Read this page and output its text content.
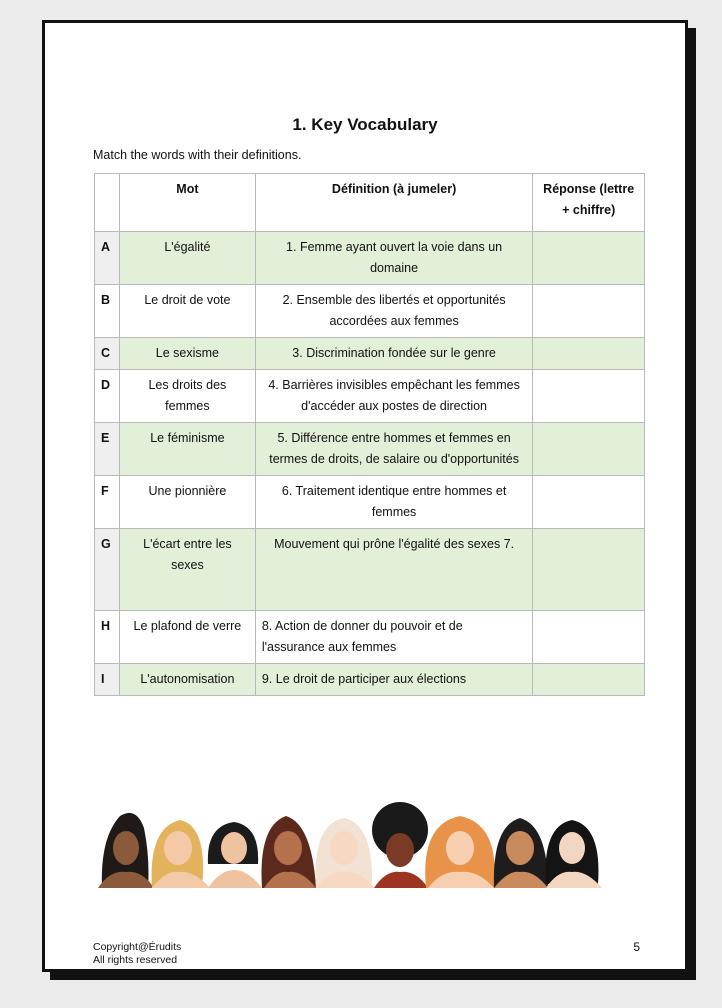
1. Key Vocabulary
Match the words with their definitions.
	Mot	Définition (à jumeler)	Réponse (lettre + chiffre)
A	L'égalité	1. Femme ayant ouvert la voie dans un domaine	
B	Le droit de vote	2. Ensemble des libertés et opportunités accordées aux femmes	
C	Le sexisme	3. Discrimination fondée sur le genre	
D	Les droits des femmes	4. Barrières invisibles empêchant les femmes d'accéder aux postes de direction	
E	Le féminisme	5. Différence entre hommes et femmes en termes de droits, de salaire ou d'opportunités	
F	Une pionnière	6. Traitement identique entre hommes et femmes	
G	L'écart entre les sexes	Mouvement qui prône l'égalité des sexes 7.	
H	Le plafond de verre	8. Action de donner du pouvoir et de l'assurance aux femmes	
I	L'autonomisation	9. Le droit de participer aux élections	
Copyright@Érudits
All rights reserved
5
